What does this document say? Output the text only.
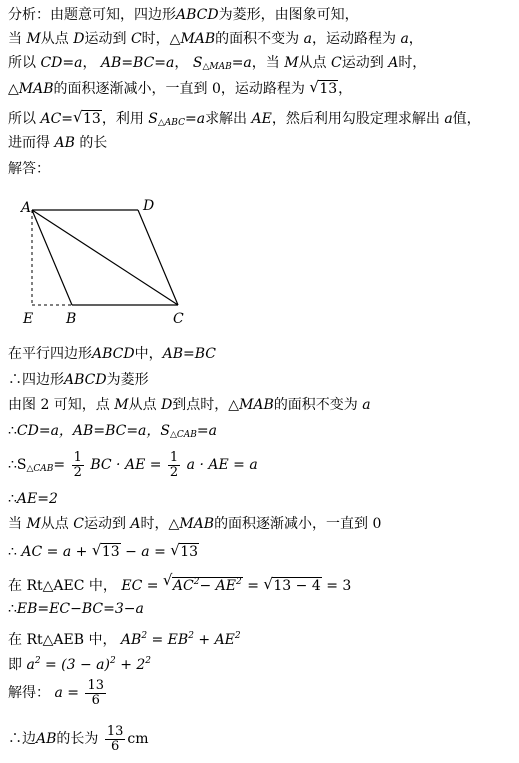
分析：由题意可知，四边形ABCD为菱形，由图象可知，
当 M从点 D运动到 C时，△MAB的面积不变为 a，运动路程为 a，
所以 CD=a， AB=BC=a， $S_{\triangle MAB}=a$，当 M从点 C运动到 A时，
△MAB的面积逐渐减小，一直到 0，运动路程为 √ 13，
所以 AC= √ 13，利用 $S_{\triangle ABC}=a$求解出 AE，然后利用勾股定理求解出 a值，
进而得 AB 的长
解答：
A	D
E B	C
在平行四边形ABCD中，AB=BC
∴四边形ABCD为菱形
由图 2 可知，点 M从点 D到点时，△MAB的面积不变为 a
∴CD=a，AB=BC=a，$S_{\triangle CAB}=a$
$\therefore S_{\triangle CAB}= \frac{1}{2}$ BC · AE = $\frac{1}{2}$ a · AE = a
∴AE=2
当 M从点 C运动到 A时，△MAB的面积逐渐减小，一直到 0
∴ AC = a + √ 13 − a = √ 13
在 Rt△AEC 中， EC = √ $AC^2- AE^2$ = √ 13 − 4 = 3
∴EB=EC−BC=3−a
在 Rt△AEB 中， $AB^2 = EB^2 + AE^2$
即 $a^2 = (3 - a)^2 + 2^2$
解得： $a = \frac{13}{6}$
∴边AB的长为 $\frac{13}{6}$ cm
